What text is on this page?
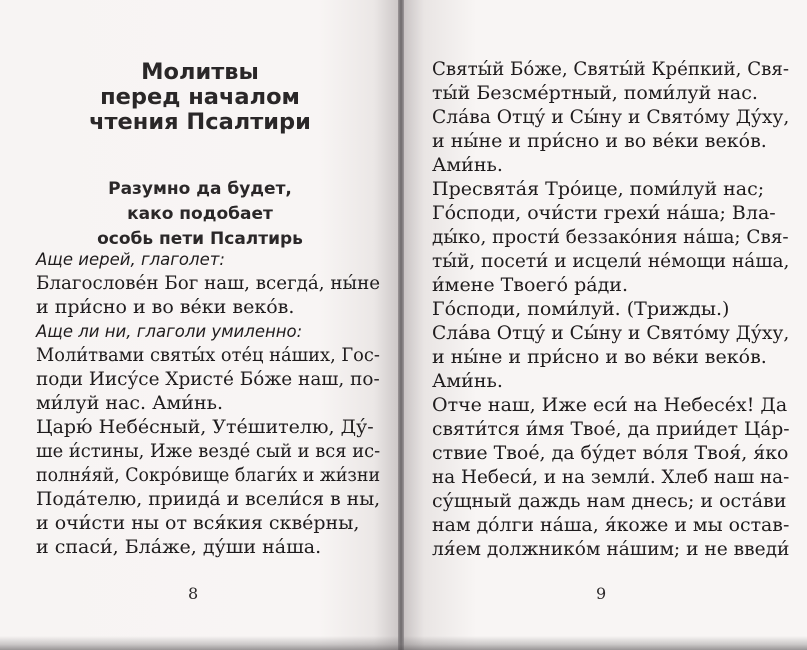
Молитвы
перед началом
чтения Псалтири
Разумно да будет,
како подобает
особь пети Псалтирь
Аще иерей, глаголет:
Благослове́н Бог наш, всегда́, ны́не
и при́сно и во ве́ки веко́в.
Аще ли ни, глаголи умиленно:
Моли́твами святы́х оте́ц на́ших, Гос-
поди Иису́се Христе́ Бо́же наш, по-
ми́луй нас. Ами́нь.
Царю́ Небе́сный, Уте́шителю, Ду́-
ше и́стины, Иже везде́ сый и вся ис-
полня́яй, Сокро́вище благи́х и жи́зни
Пода́телю, приида́ и всели́ся в ны,
и очи́сти ны от вся́кия скве́рны,
и спаси́, Бла́же, ду́ши на́ша.
8
Святы́й Бо́же, Святы́й Кре́пкий, Свя-
ты́й Безсме́ртный, поми́луй нас.
Сла́ва Отцу́ и Сы́ну и Свято́му Ду́ху,
и ны́не и при́сно и во ве́ки веко́в.
Ами́нь.
Пресвята́я Тро́ице, поми́луй нас;
Го́споди, очи́сти грехи́ на́ша; Вла-
ды́ко, прости́ беззако́ния на́ша; Свя-
ты́й, посети́ и исцели́ не́мощи на́ша,
и́мене Твоего́ ра́ди.
Го́споди, поми́луй. (Трижды.)
Сла́ва Отцу́ и Сы́ну и Свято́му Ду́ху,
и ны́не и при́сно и во ве́ки веко́в.
Ами́нь.
Отче наш, Иже еси́ на Небесе́х! Да
святи́тся и́мя Твое́, да прии́дет Ца́р-
ствие Твое́, да бу́дет во́ля Твоя́, я́ко
на Небеси́, и на земли́. Хлеб наш на-
су́щный даждь нам днесь; и оста́ви
нам до́лги на́ша, я́коже и мы остав-
ля́ем должнико́м на́шим; и не введи́
9
